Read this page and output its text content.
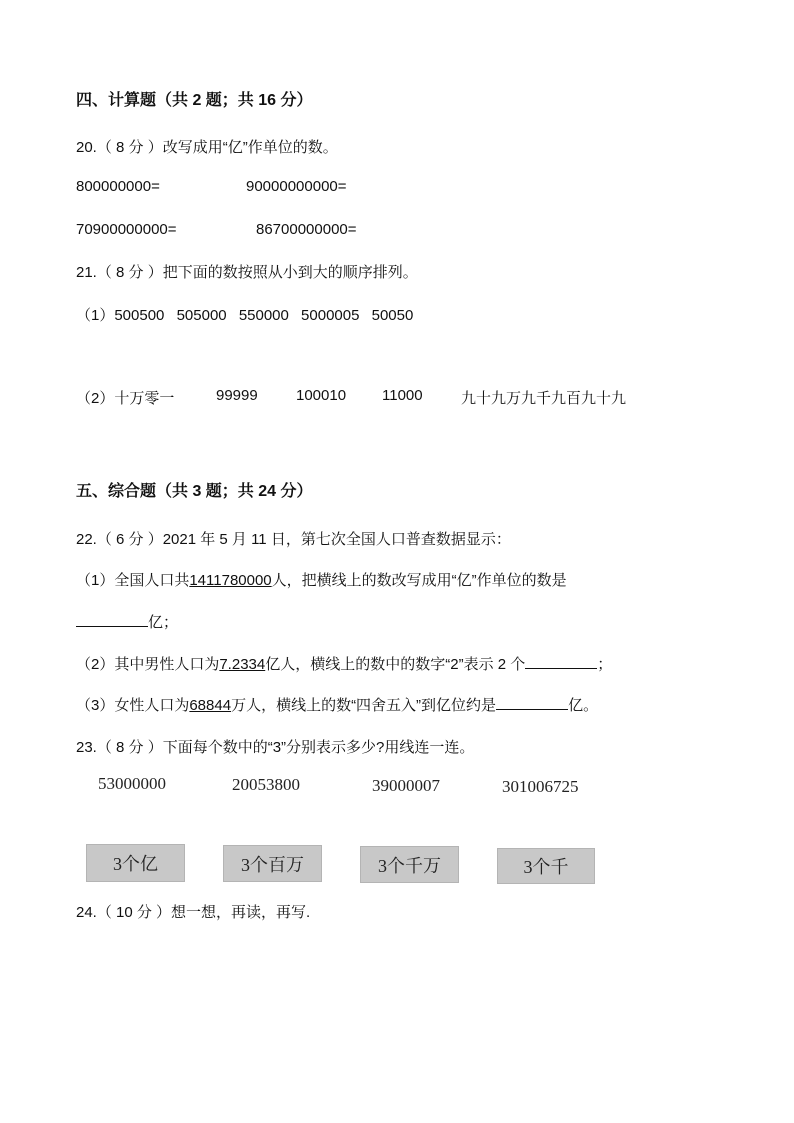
四、计算题（共 2 题；共 16 分）
20.（ 8 分 ）改写成用“亿”作单位的数。
800000000=	90000000000=
70900000000=	86700000000=
21.（ 8 分 ）把下面的数按照从小到大的顺序排列。
（1）500500 505000 550000 5000005 50050
（2）十万零一	99999	100010 11000	九十九万九千九百九十九
五、综合题（共 3 题；共 24 分）
22.（ 6 分 ）2021 年 5 月 11 日，第七次全国人口普查数据显示：
（1）全国人口共1411780000人，把横线上的数改写成用“亿”作单位的数是
亿；
（2）其中男性人口为7.2334亿人，横线上的数中的数字“2”表示 2 个	；
（3）女性人口为68844万人，横线上的数“四舍五入”到亿位约是	亿。
23.（ 8 分 ）下面每个数中的“3”分别表示多少?用线连一连。
53000000	20053800	39000007	301006725
3个亿	3个百万	3个千万	3个千
24.（ 10 分 ）想一想，再读，再写.
